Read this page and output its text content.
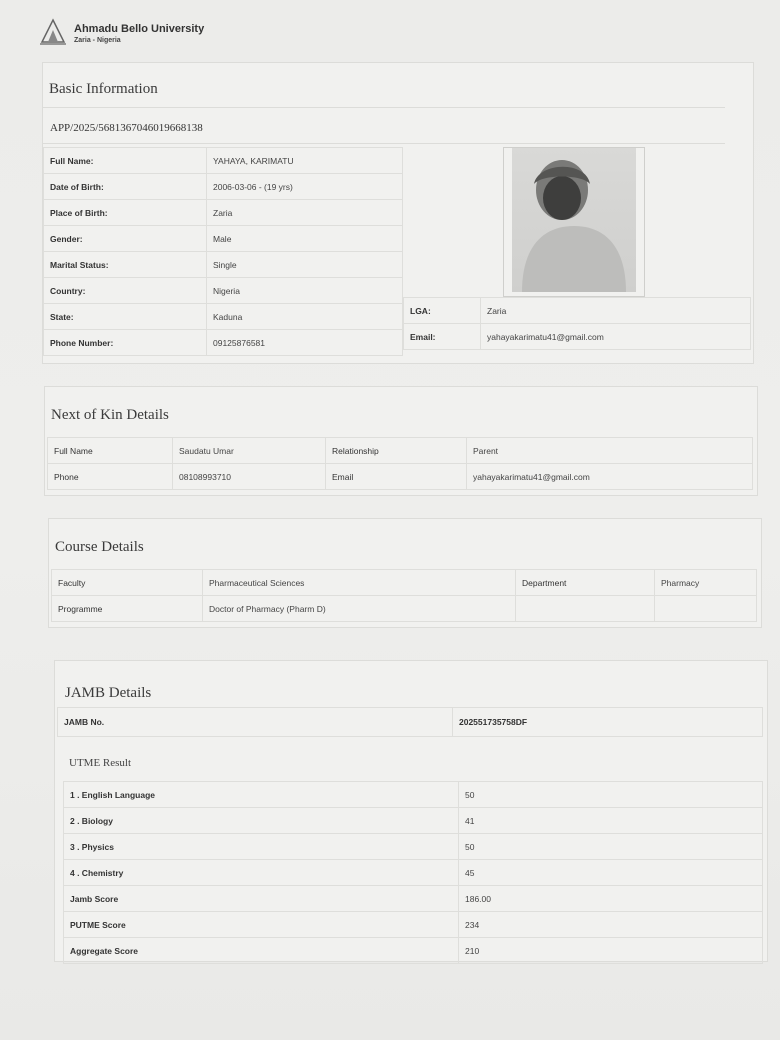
Ahmadu Bello University
Zaria - Nigeria
Basic Information
APP/2025/5681367046019668138
Full Name:	YAHAYA, KARIMATU
Date of Birth:	2006-03-06 - (19 yrs)
Place of Birth:	Zaria
Gender:	Male
Marital Status:	Single
Country:	Nigeria
State:	Kaduna
Phone Number:	09125876581
LGA:	Zaria
Email:	yahayakarimatu41@gmail.com
Next of Kin Details
Full Name	Saudatu Umar	Relationship	Parent
Phone	08108993710	Email	yahayakarimatu41@gmail.com
Course Details
Faculty	Pharmaceutical Sciences	Department	Pharmacy
Programme	Doctor of Pharmacy (Pharm D)		
JAMB Details
JAMB No.	202551735758DF
UTME Result
1 . English Language	50
2 . Biology	41
3 . Physics	50
4 . Chemistry	45
Jamb Score	186.00
PUTME Score	234
Aggregate Score	210
